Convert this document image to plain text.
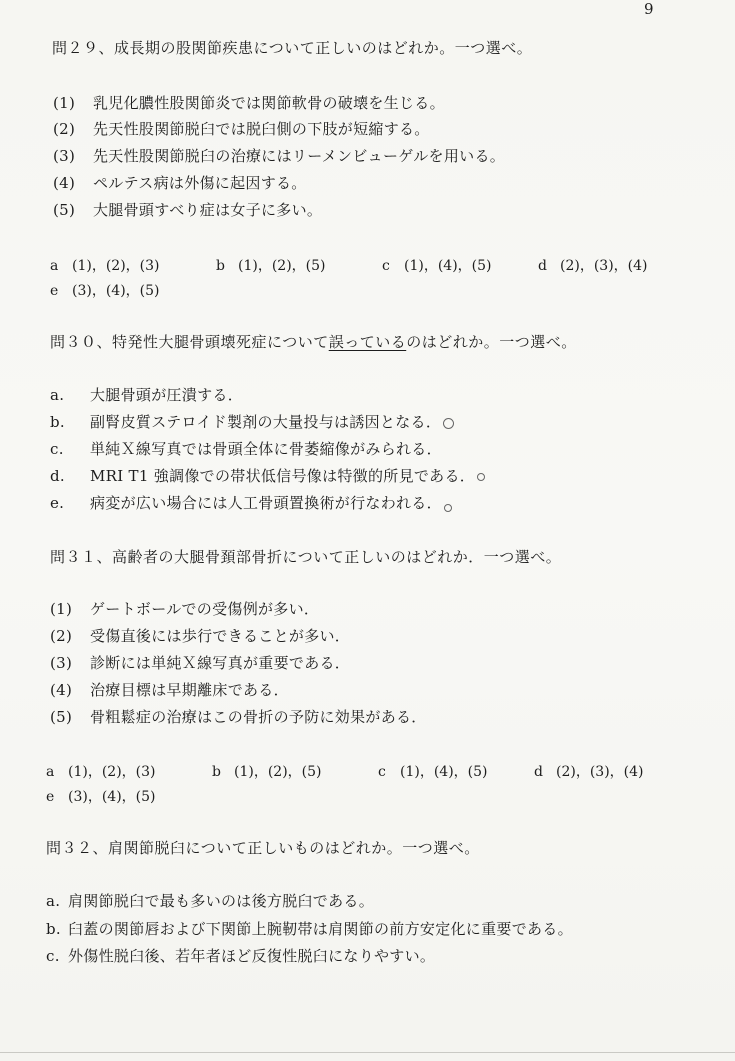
9
問２９、成長期の股関節疾患について正しいのはどれか。一つ選べ。
(1) 乳児化膿性股関節炎では関節軟骨の破壊を生じる。
(2) 先天性股関節脱臼では脱臼側の下肢が短縮する。
(3) 先天性股関節脱臼の治療にはリーメンビューゲルを用いる。
(4) ペルテス病は外傷に起因する。
(5) 大腿骨頭すべり症は女子に多い。
a (1)，(2)，(3)	b (1)，(2)，(5)	c (1)，(4)，(5)	d (2)，(3)，(4)
e (3)，(4)，(5)
問３０、特発性大腿骨頭壊死症について誤っているのはどれか。一つ選べ。
a. 大腿骨頭が圧潰する．
b. 副腎皮質ステロイド製剤の大量投与は誘因となる．
c. 単純Ｘ線写真では骨頭全体に骨萎縮像がみられる．
d. MRI T1 強調像での帯状低信号像は特徴的所見である．
e. 病変が広い場合には人工骨頭置換術が行なわれる．
問３１、高齢者の大腿骨頚部骨折について正しいのはどれか．一つ選べ。
(1) ゲートボールでの受傷例が多い．
(2) 受傷直後には歩行できることが多い．
(3) 診断には単純Ｘ線写真が重要である．
(4) 治療目標は早期離床である．
(5) 骨粗鬆症の治療はこの骨折の予防に効果がある．
a (1)，(2)，(3)	b (1)，(2)，(5)	c (1)，(4)，(5)	d (2)，(3)，(4)
e (3)，(4)，(5)
問３２、肩関節脱臼について正しいものはどれか。一つ選べ。
a. 肩関節脱臼で最も多いのは後方脱臼である。
b. 臼蓋の関節唇および下関節上腕靭帯は肩関節の前方安定化に重要である。
c. 外傷性脱臼後、若年者ほど反復性脱臼になりやすい。
